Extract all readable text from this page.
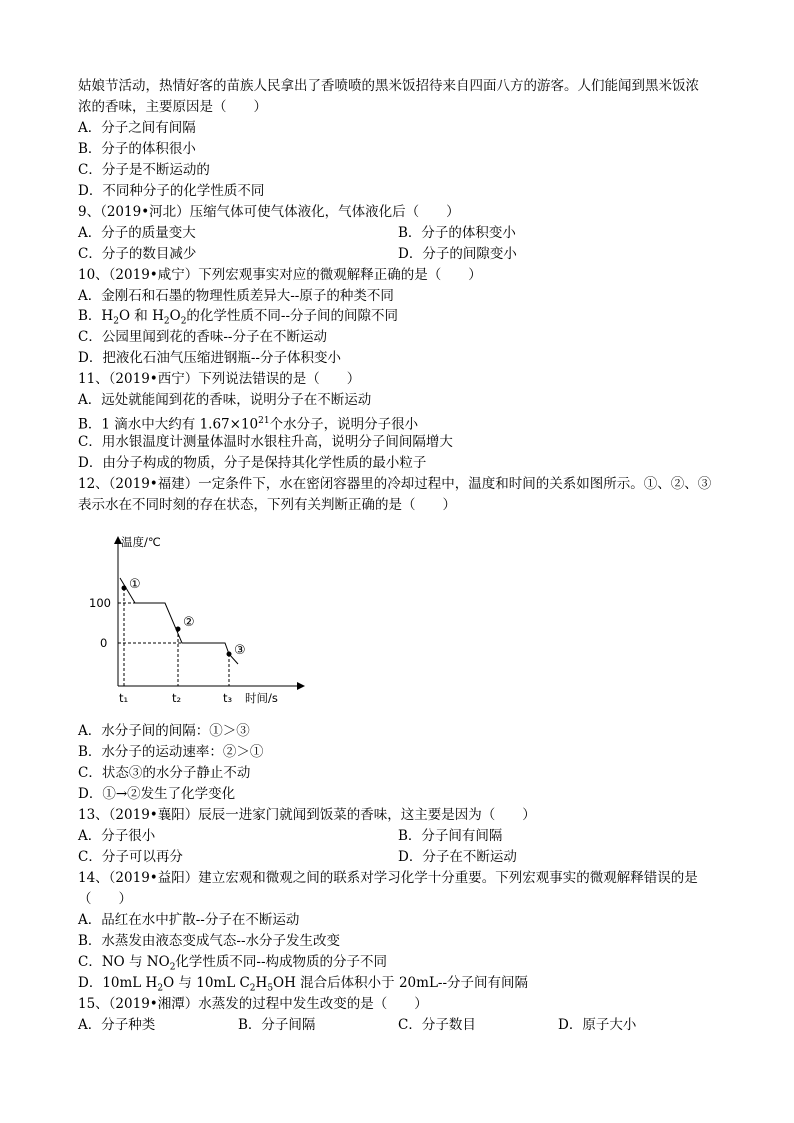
姑娘节活动，热情好客的苗族人民拿出了香喷喷的黑米饭招待来自四面八方的游客。人们能闻到黑米饭浓
浓的香味，主要原因是（　　）
A．分子之间有间隔
B．分子的体积很小
C．分子是不断运动的
D．不同种分子的化学性质不同
9、（2019•河北）压缩气体可使气体液化，气体液化后（　　）
A．分子的质量变大	B．分子的体积变小
C．分子的数目减少	D．分子的间隙变小
10、（2019•咸宁）下列宏观事实对应的微观解释正确的是（　　）
A．金刚石和石墨的物理性质差异大--原子的种类不同
B．$H_2O$ 和 $H_2O_2$的化学性质不同--分子间的间隙不同
C．公园里闻到花的香味--分子在不断运动
D．把液化石油气压缩进钢瓶--分子体积变小
11、（2019•西宁）下列说法错误的是（　　）
A．远处就能闻到花的香味，说明分子在不断运动
B．1 滴水中大约有 $1.67\times 10^{21}$个水分子，说明分子很小
C．用水银温度计测量体温时水银柱升高，说明分子间间隔增大
D．由分子构成的物质，分子是保持其化学性质的最小粒子
12、（2019•福建）一定条件下，水在密闭容器里的冷却过程中，温度和时间的关系如图所示。①、②、③
表示水在不同时刻的存在状态，下列有关判断正确的是（　　）
温度/℃
时间/s
100
0
①
②
③
t₁	t₂	t₃
A．水分子间的间隔：①＞③
B．水分子的运动速率：②＞①
C．状态③的水分子静止不动
D．①→②发生了化学变化
13、（2019•襄阳）辰辰一进家门就闻到饭菜的香味，这主要是因为（　　）
A．分子很小	B．分子间有间隔
C．分子可以再分	D．分子在不断运动
14、（2019•益阳）建立宏观和微观之间的联系对学习化学十分重要。下列宏观事实的微观解释错误的是
（　　）
A．品红在水中扩散--分子在不断运动
B．水蒸发由液态变成气态--水分子发生改变
C．NO 与 $NO_2$化学性质不同--构成物质的分子不同
D．10mL $H_2O$ 与 10mL $C_2H_5OH$ 混合后体积小于 20mL--分子间有间隔
15、（2019•湘潭）水蒸发的过程中发生改变的是（　　）
A．分子种类	B．分子间隔	C．分子数目	D．原子大小
